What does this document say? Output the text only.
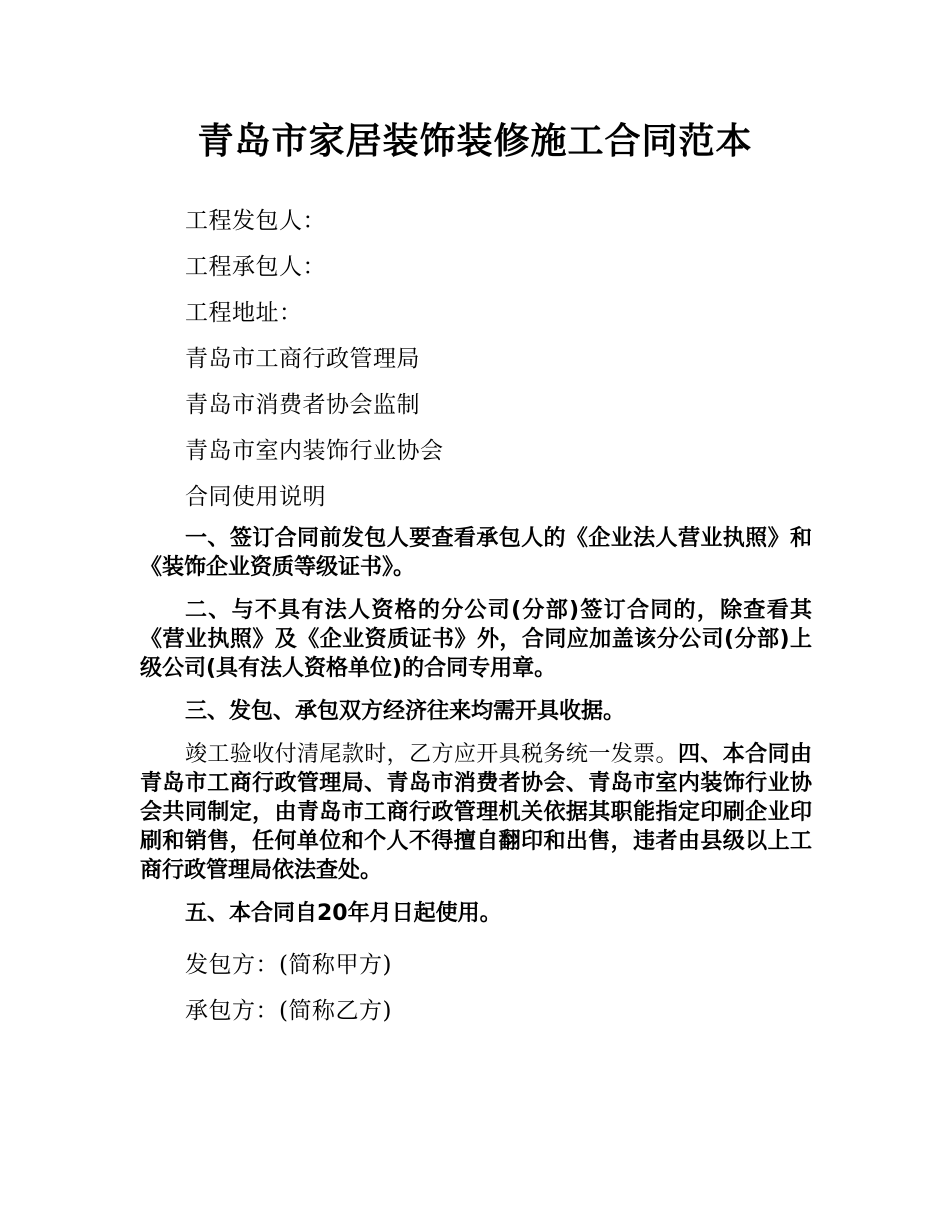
青岛市家居装饰装修施工合同范本

工程发包人：

工程承包人：

工程地址：

青岛市工商行政管理局

青岛市消费者协会监制

青岛市室内装饰行业协会

合同使用说明

一、签订合同前发包人要查看承包人的《企业法人营业执照》和《装饰企业资质等级证书》。

二、与不具有法人资格的分公司(分部)签订合同的，除查看其《营业执照》及《企业资质证书》外，合同应加盖该分公司(分部)上级公司(具有法人资格单位)的合同专用章。

三、发包、承包双方经济往来均需开具收据。

竣工验收付清尾款时，乙方应开具税务统一发票。四、本合同由青岛市工商行政管理局、青岛市消费者协会、青岛市室内装饰行业协会共同制定，由青岛市工商行政管理机关依据其职能指定印刷企业印刷和销售，任何单位和个人不得擅自翻印和出售，违者由县级以上工商行政管理局依法查处。

五、本合同自20年月日起使用。

发包方：(简称甲方)

承包方：(简称乙方)
